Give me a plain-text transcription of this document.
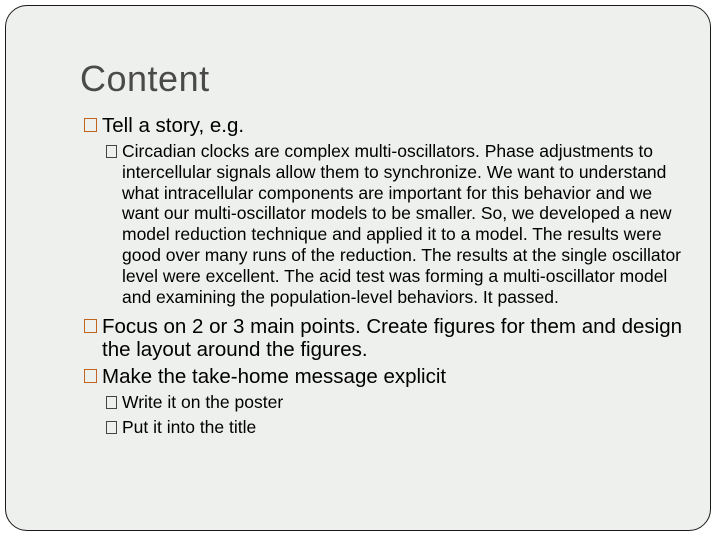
Content
Tell a story, e.g.
Circadian clocks are complex multi-oscillators. Phase adjustments to intercellular signals allow them to synchronize. We want to understand what intracellular components are important for this behavior and we want our multi-oscillator models to be smaller. So, we developed a new model reduction technique and applied it to a model. The results were good over many runs of the reduction. The results at the single oscillator level were excellent. The acid test was forming a multi-oscillator model and examining the population-level behaviors. It passed.
Focus on 2 or 3 main points. Create figures for them and design the layout around the figures.
Make the take-home message explicit
Write it on the poster
Put it into the title
